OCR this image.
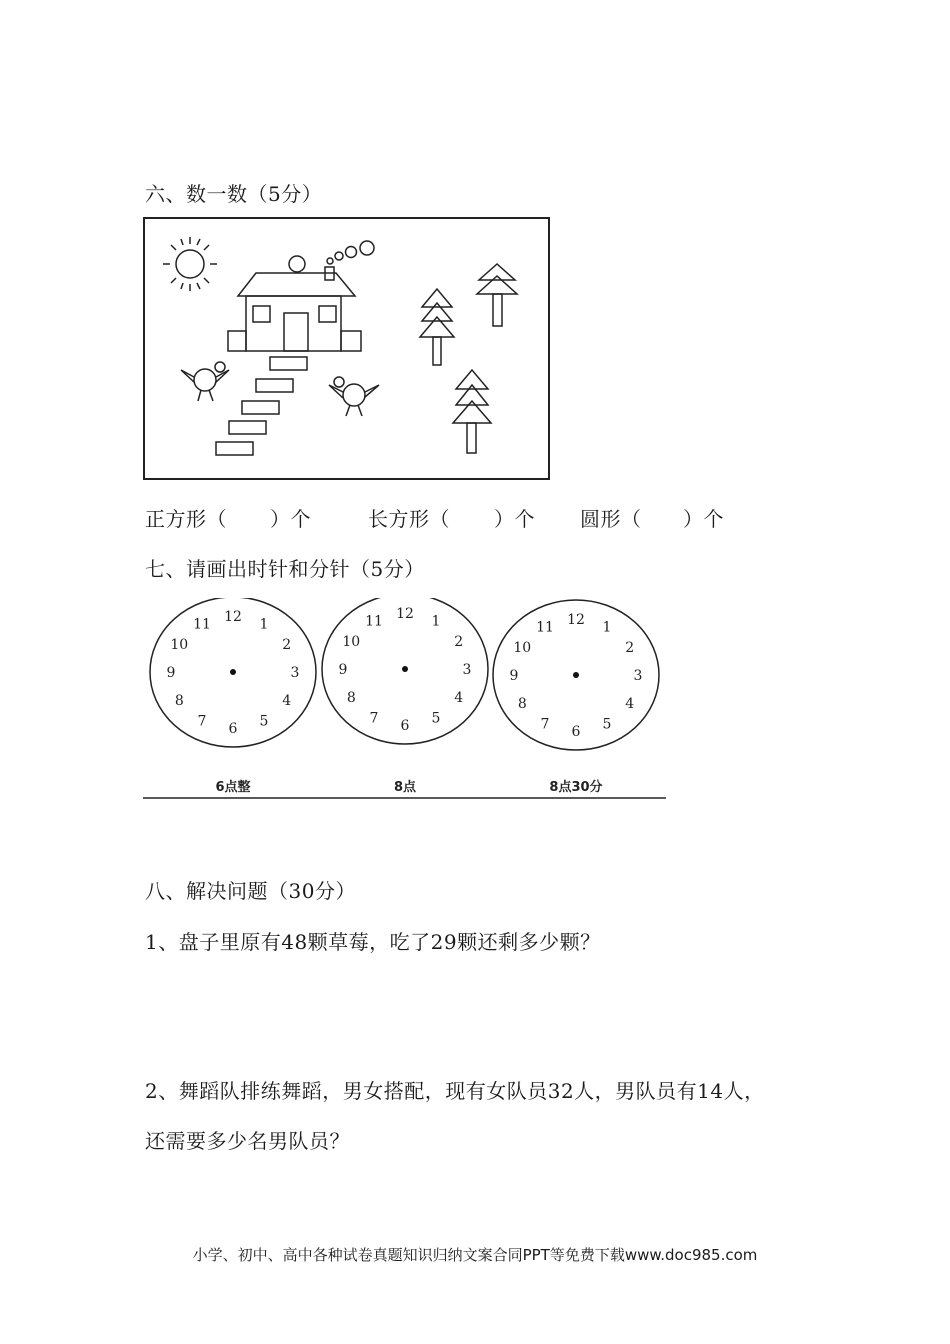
六、数一数（5分）
正方形（ ）个	长方形（ ）个 圆形（ ）个
七、请画出时针和分针（5分）
12 1
2
3
4
5
6
7
8
9
10
11
6点整
12 1
2
3
4
5
6
7
8
9
10
11
8点
12 1
2
3
4
5
6
7
8
9
10
11
8点30分
八、解决问题（30分）
1、盘子里原有48颗草莓，吃了29颗还剩多少颗？
2、舞蹈队排练舞蹈，男女搭配，现有女队员32人，男队员有14人，
还需要多少名男队员？
小学、初中、高中各种试卷真题知识归纳文案合同PPT等免费下载www.doc985.com
